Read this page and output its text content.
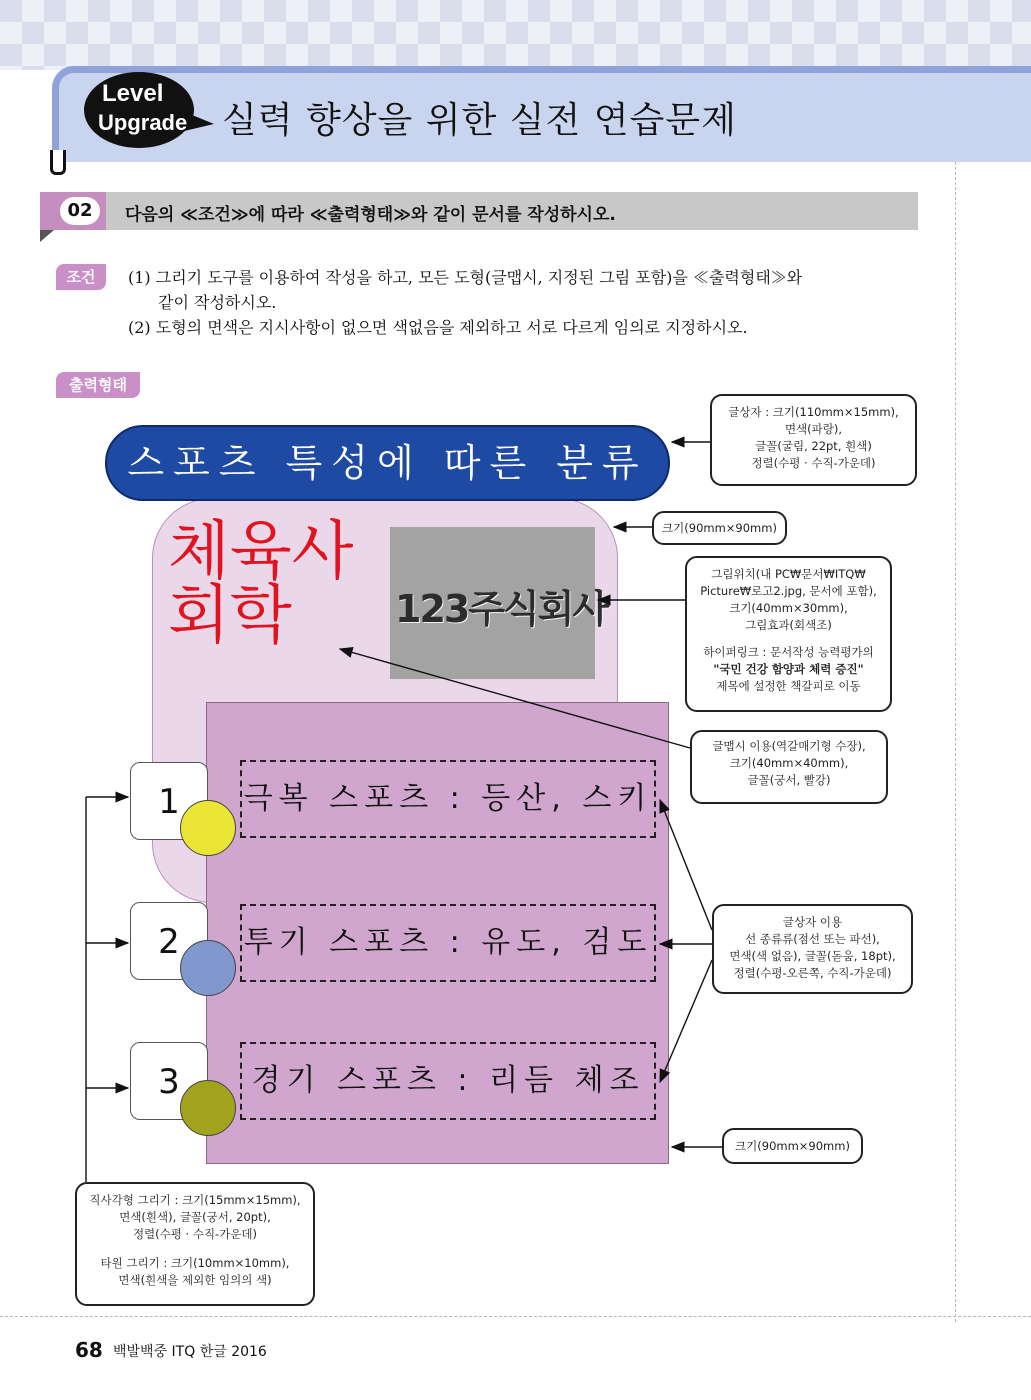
Level
Upgrade 실력 향상을 위한 실전 연습문제
02	다음의 ≪조건≫에 따라 ≪출력형태≫와 같이 문서를 작성하시오.
조건	(1) 그리기 도구를 이용하여 작성을 하고, 모든 도형(글맵시, 지정된 그림 포함)을 ≪출력형태≫와
같이 작성하시오.
(2) 도형의 면색은 지시사항이 없으면 색없음을 제외하고 서로 다르게 임의로 지정하시오.
출력형태
스포츠 특성에 따른 분류
123주식회사
체육사회학
1	극복 스포츠 : 등산, 스키
2	투기 스포츠 : 유도, 검도
3	경기 스포츠 : 리듬 체조
글상자 : 크기(110mm×15mm),
면색(파랑),
글꼴(굴림, 22pt, 흰색)
정렬(수평 · 수직-가운데)
크기(90mm×90mm)
그림위치(내 PC₩문서₩ITQ₩
Picture₩로고2.jpg, 문서에 포함),
크기(40mm×30mm),
그림효과(회색조)
하이퍼링크 : 문서작성 능력평가의
"국민 건강 함양과 체력 증진"
제목에 설정한 책갈피로 이동
글맵시 이용(역갈매기형 수장),
크기(40mm×40mm),
글꼴(궁서, 빨강)
글상자 이용
선 종류류(점선 또는 파선),
면색(색 없음), 글꼴(돋움, 18pt),
정렬(수평-오른쪽, 수직-가운데)
크기(90mm×90mm)
직사각형 그리기 : 크기(15mm×15mm),
면색(흰색), 글꼴(궁서, 20pt),
정렬(수평 · 수직-가운데)
타원 그리기 : 크기(10mm×10mm),
면색(흰색을 제외한 임의의 색)
68 백발백중 ITQ 한글 2016
